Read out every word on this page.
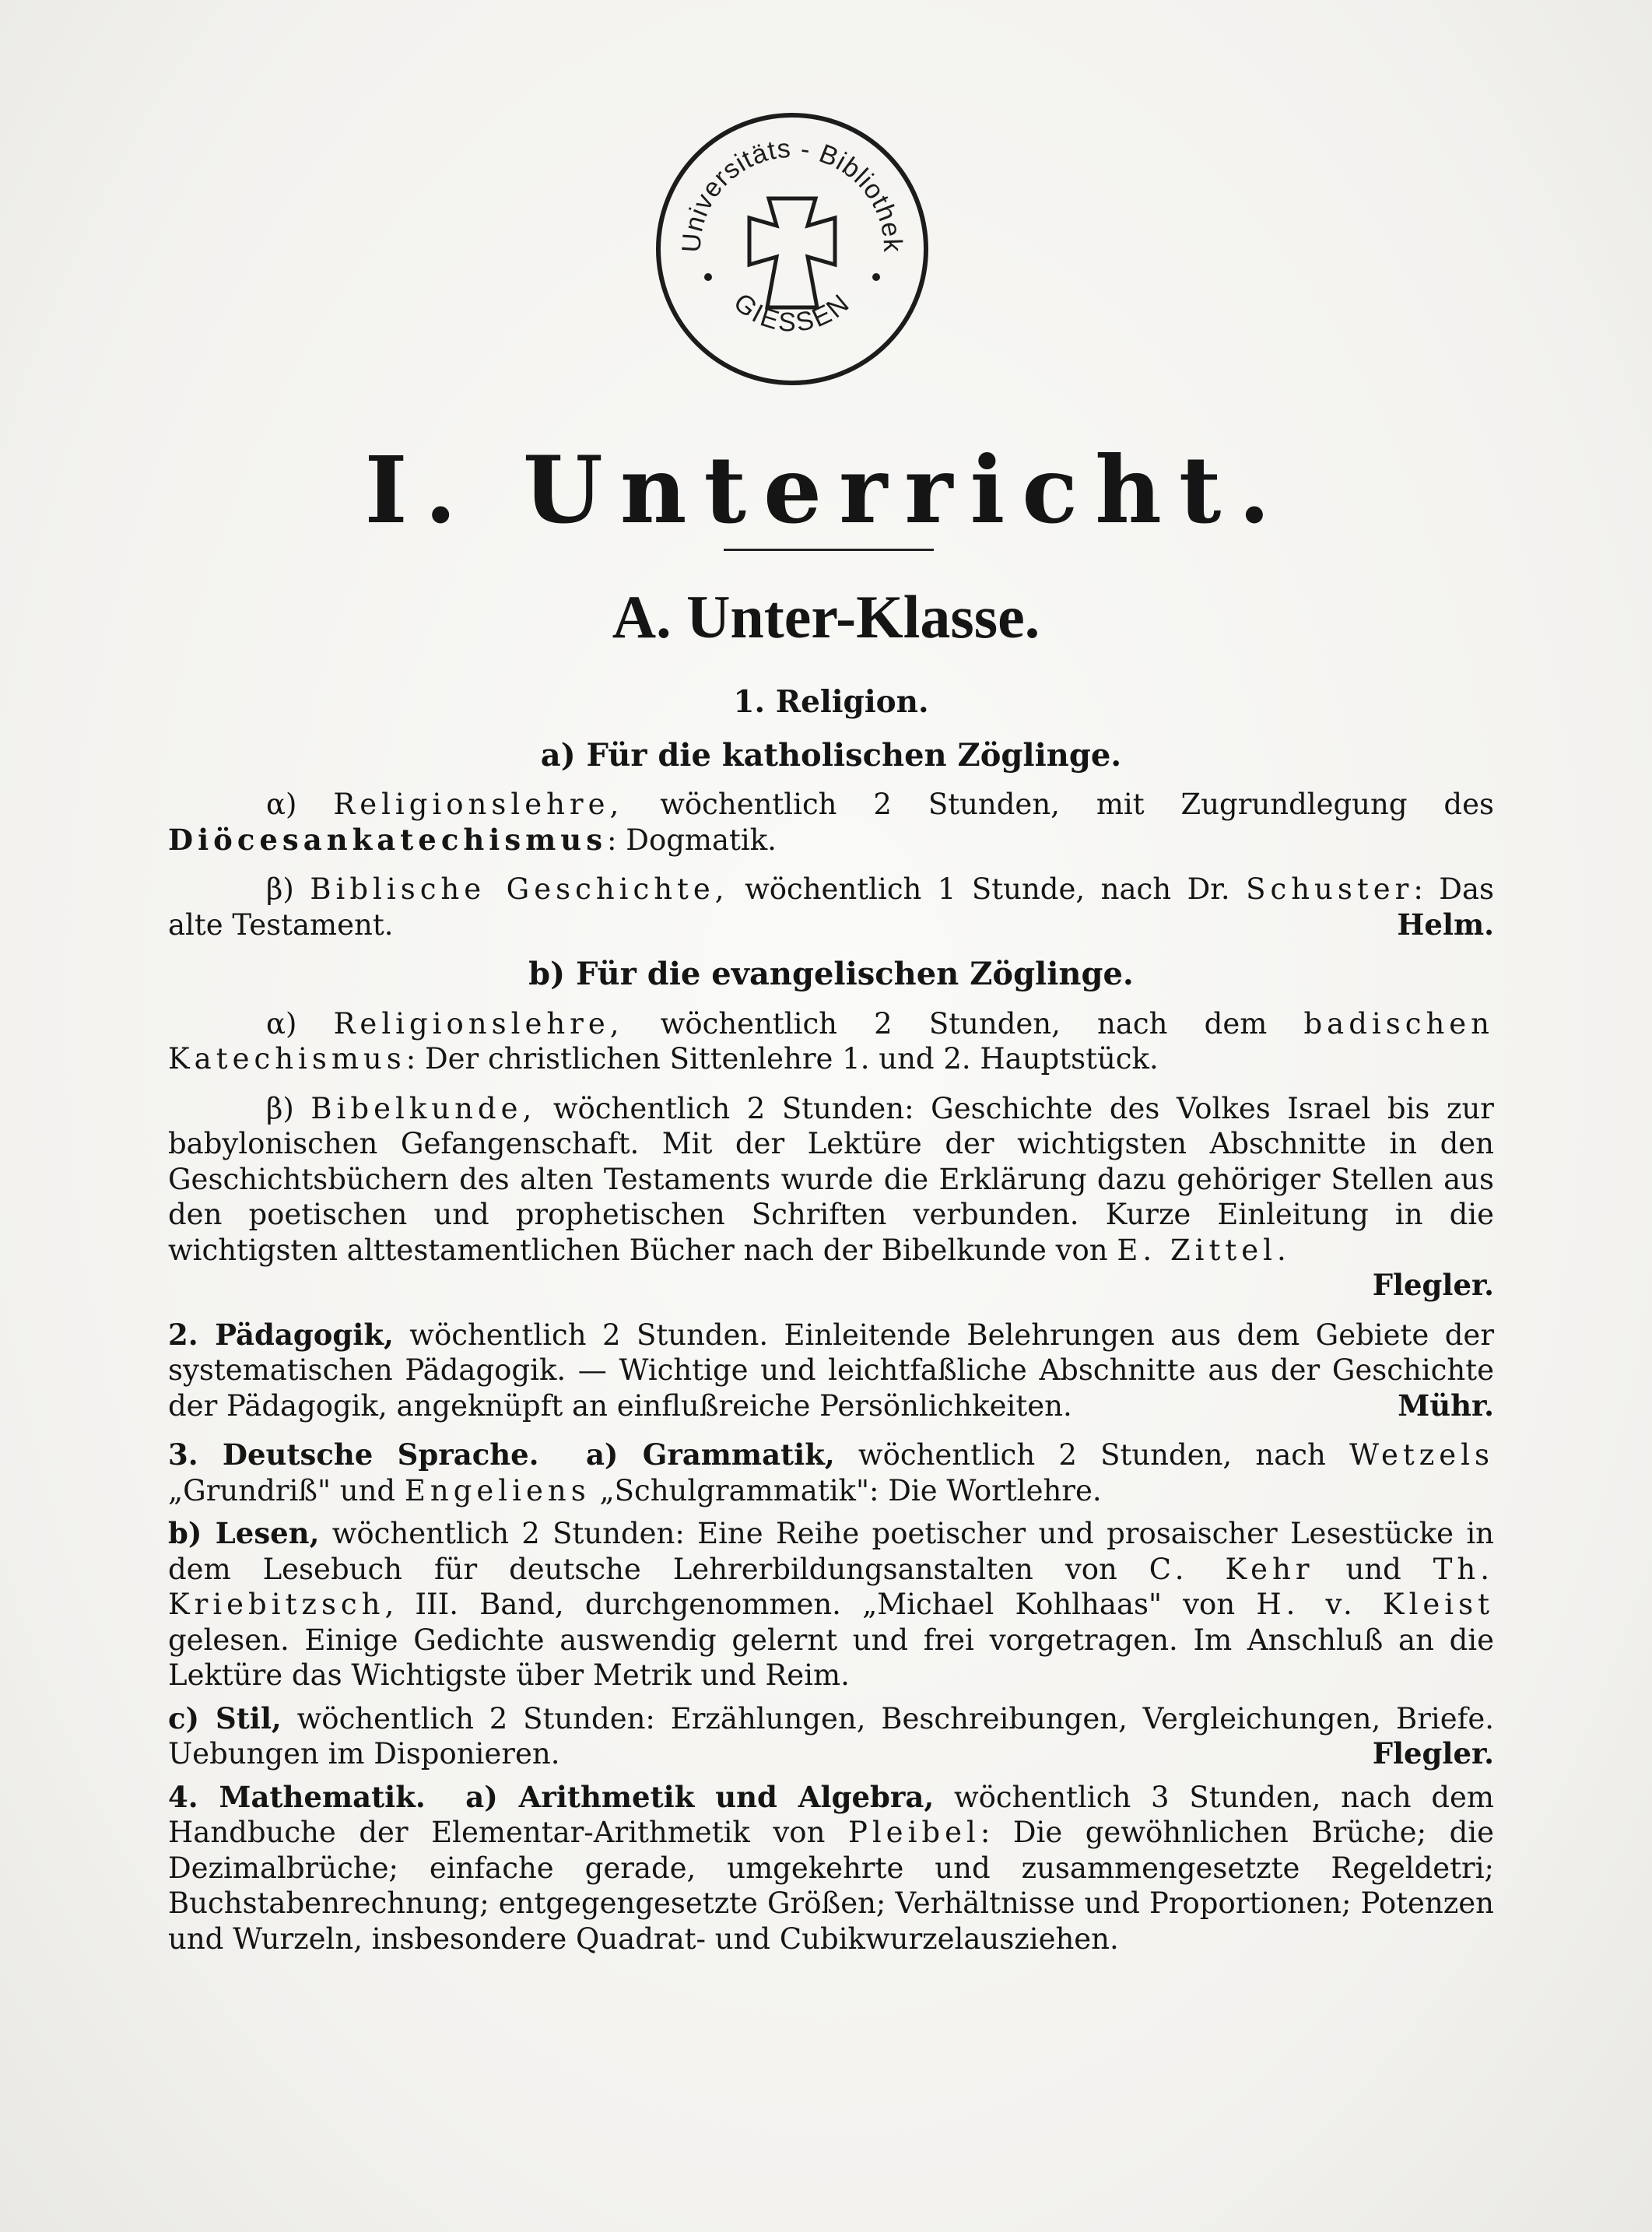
Universitäts - Bibliothek
GIESSEN
I. Unterricht.
A. Unter-Klasse.

1. Religion.

a) Für die katholischen Zöglinge.

α) Religionslehre, wöchentlich 2 Stunden, mit Zugrundlegung des Diöcesankatechismus: Dogmatik.

β) Biblische Geschichte, wöchentlich 1 Stunde, nach Dr. Schuster: Das alte Testament.	Helm.

b) Für die evangelischen Zöglinge.

α) Religionslehre, wöchentlich 2 Stunden, nach dem badischen Katechismus: Der christlichen Sittenlehre 1. und 2. Hauptstück.

β) Bibelkunde, wöchentlich 2 Stunden: Geschichte des Volkes Israel bis zur babylonischen Gefangenschaft. Mit der Lektüre der wichtigsten Abschnitte in den Geschichtsbüchern des alten Testaments wurde die Erklärung dazu gehöriger Stellen aus den poetischen und prophetischen Schriften verbunden. Kurze Einleitung in die wichtigsten alttestamentlichen Bücher nach der Bibelkunde von E. Zittel.
Flegler.

2. Pädagogik, wöchentlich 2 Stunden. Einleitende Belehrungen aus dem Gebiete der systematischen Pädagogik. — Wichtige und leichtfaßliche Abschnitte aus der Geschichte der Pädagogik, angeknüpft an einflußreiche Persönlichkeiten.	Mühr.

3. Deutsche Sprache. a) Grammatik, wöchentlich 2 Stunden, nach Wetzels „Grundriß" und Engeliens „Schulgrammatik": Die Wortlehre.

b) Lesen, wöchentlich 2 Stunden: Eine Reihe poetischer und prosaischer Lesestücke in dem Lesebuch für deutsche Lehrerbildungsanstalten von C. Kehr und Th. Kriebitzsch, III. Band, durchgenommen. „Michael Kohlhaas" von H. v. Kleist gelesen. Einige Gedichte auswendig gelernt und frei vorgetragen. Im Anschluß an die Lektüre das Wichtigste über Metrik und Reim.

c) Stil, wöchentlich 2 Stunden: Erzählungen, Beschreibungen, Vergleichungen, Briefe. Uebungen im Disponieren.	Flegler.

4. Mathematik. a) Arithmetik und Algebra, wöchentlich 3 Stunden, nach dem Handbuche der Elementar-Arithmetik von Pleibel: Die gewöhnlichen Brüche; die Dezimalbrüche; einfache gerade, umgekehrte und zusammengesetzte Regeldetri; Buchstabenrechnung; entgegengesetzte Größen; Verhältnisse und Proportionen; Potenzen und Wurzeln, insbesondere Quadrat- und Cubikwurzelausziehen.
